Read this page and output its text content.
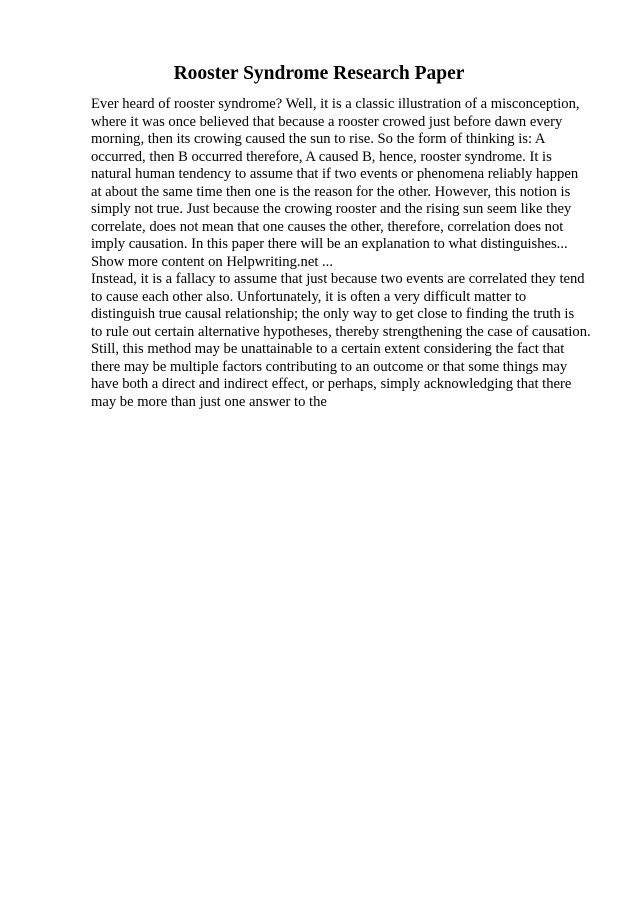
Rooster Syndrome Research Paper
Ever heard of rooster syndrome? Well, it is a classic illustration of a misconception,
where it was once believed that because a rooster crowed just before dawn every
morning, then its crowing caused the sun to rise. So the form of thinking is: A
occurred, then B occurred therefore, A caused B, hence, rooster syndrome. It is
natural human tendency to assume that if two events or phenomena reliably happen
at about the same time then one is the reason for the other. However, this notion is
simply not true. Just because the crowing rooster and the rising sun seem like they
correlate, does not mean that one causes the other, therefore, correlation does not
imply causation. In this paper there will be an explanation to what distinguishes...
Show more content on Helpwriting.net ...
Instead, it is a fallacy to assume that just because two events are correlated they tend
to cause each other also. Unfortunately, it is often a very difficult matter to
distinguish true causal relationship; the only way to get close to finding the truth is
to rule out certain alternative hypotheses, thereby strengthening the case of causation.
Still, this method may be unattainable to a certain extent considering the fact that
there may be multiple factors contributing to an outcome or that some things may
have both a direct and indirect effect, or perhaps, simply acknowledging that there
may be more than just one answer to the
